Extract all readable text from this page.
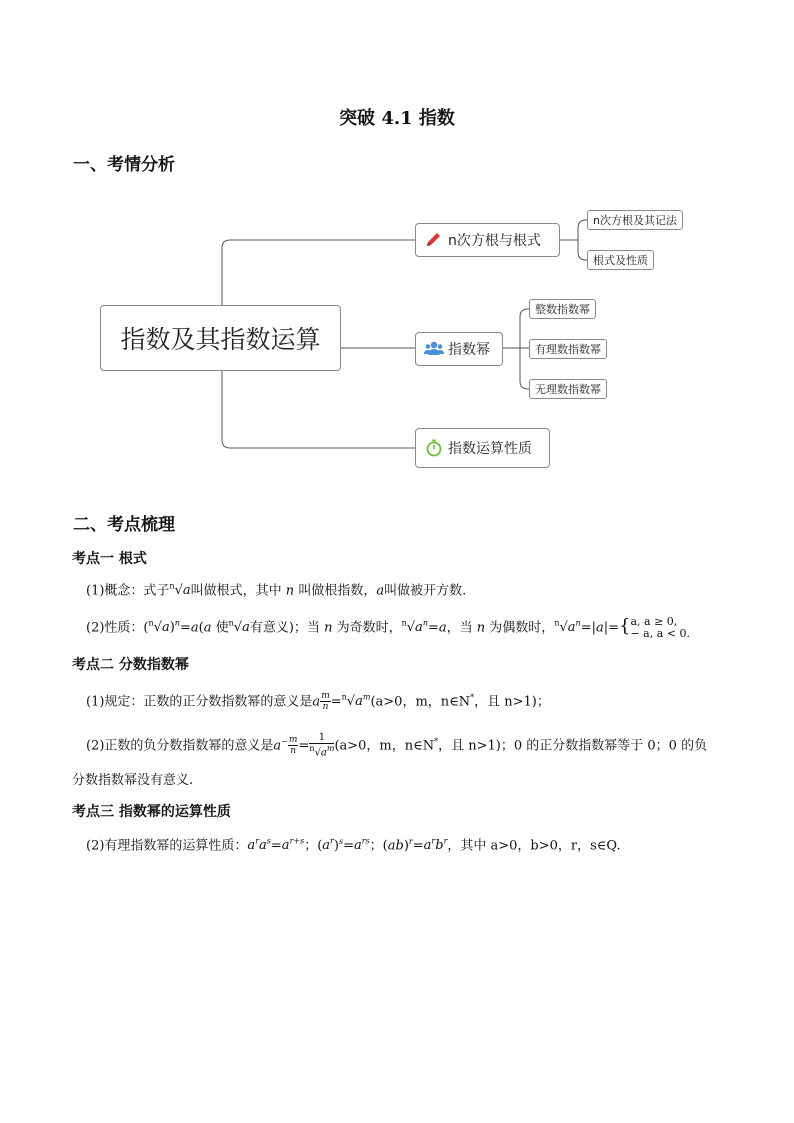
突破 4.1 指数
一、考情分析
指数及其指数运算
n次方根与根式
n次方根及其记法
根式及性质
指数幂
整数指数幂
有理数指数幂
无理数指数幂
指数运算性质
二、考点梳理
考点一 根式
(1)概念：式子$^n$√a叫做根式，其中 n 叫做根指数，a叫做被开方数.
(2)性质：$(^n√a)^n=a(a$ 使$^n$√a有意义)；当 n 为奇数时，$^n√a^n=a$，当 n 为偶数时，$^n√a^n=|a|=${ a, a ≥ 0,
− a, a < 0.
考点二 分数指数幂
(1)规定：正数的正分数指数幂的意义是a $\frac{m}{n} =^n√a^m(a>0$，m，n∈N*，且 n>1)；
(2)正数的负分数指数幂的意义是$a^- \frac{m}{n} = \frac{1}{^n√a^m} (a>0$，m，n∈N*，且 n>1)；0 的正分数指数幂等于 0；0 的负
分数指数幂没有意义.
考点三 指数幂的运算性质
(2)有理指数幂的运算性质：$a^ra^s=a^{r+s}$；$(a^r)^s=a^{rs}$；$(ab)^r=a^rb^r$，其中 a>0，b>0，r，s∈Q.
